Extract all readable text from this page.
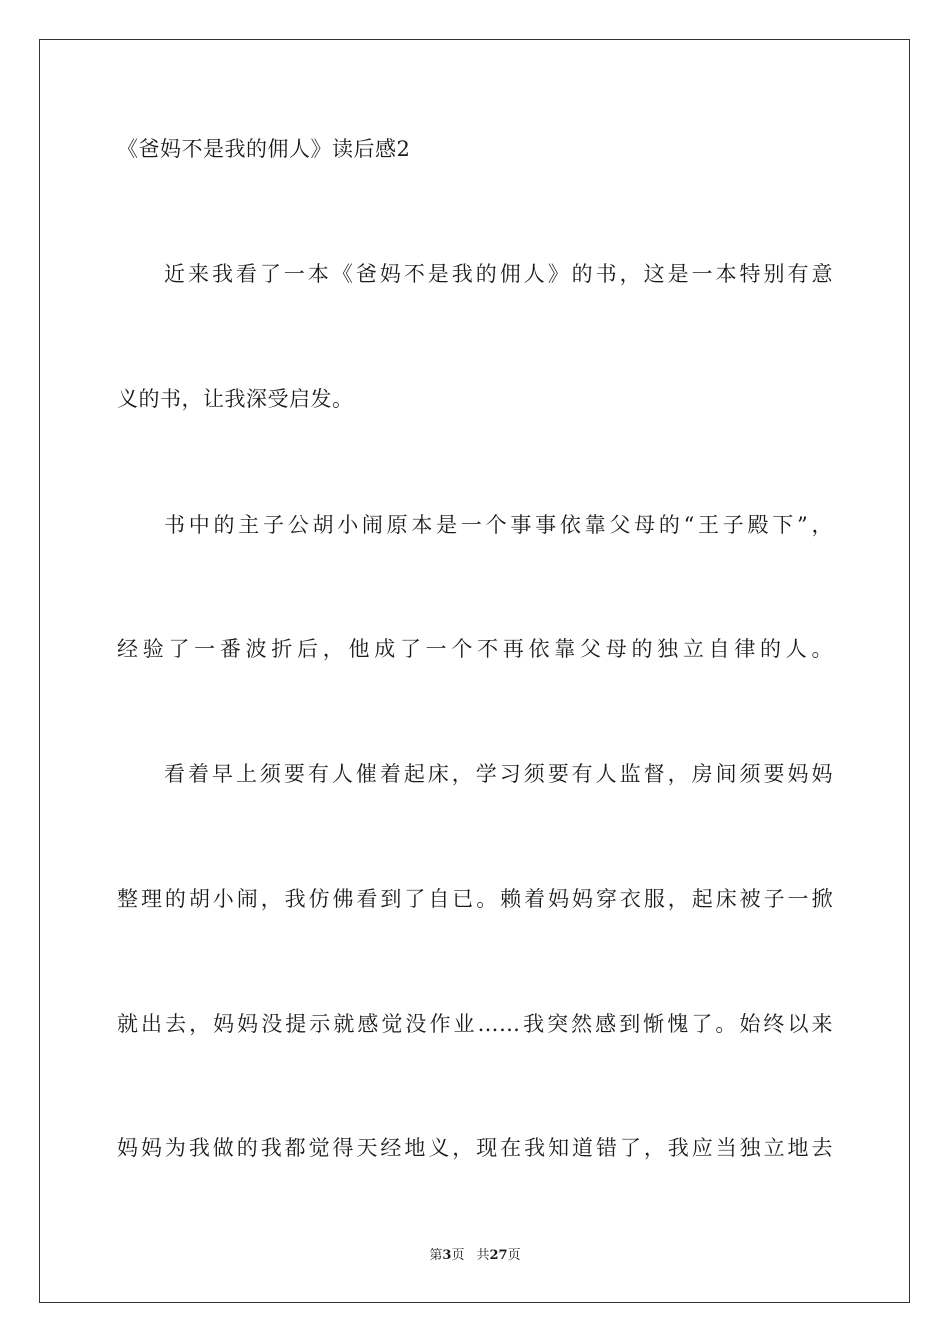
《爸妈不是我的佣人》读后感2
近来我看了一本《爸妈不是我的佣人》的书，这是一本特别有意
义的书，让我深受启发。
书中的主子公胡小闹原本是一个事事依靠父母的“王子殿下”，
经验了一番波折后，他成了一个不再依靠父母的独立自律的人。
看着早上须要有人催着起床，学习须要有人监督，房间须要妈妈
整理的胡小闹，我仿佛看到了自已。赖着妈妈穿衣服，起床被子一掀
就出去，妈妈没提示就感觉没作业……我突然感到惭愧了。始终以来
妈妈为我做的我都觉得天经地义，现在我知道错了，我应当独立地去
第3页 共27页
